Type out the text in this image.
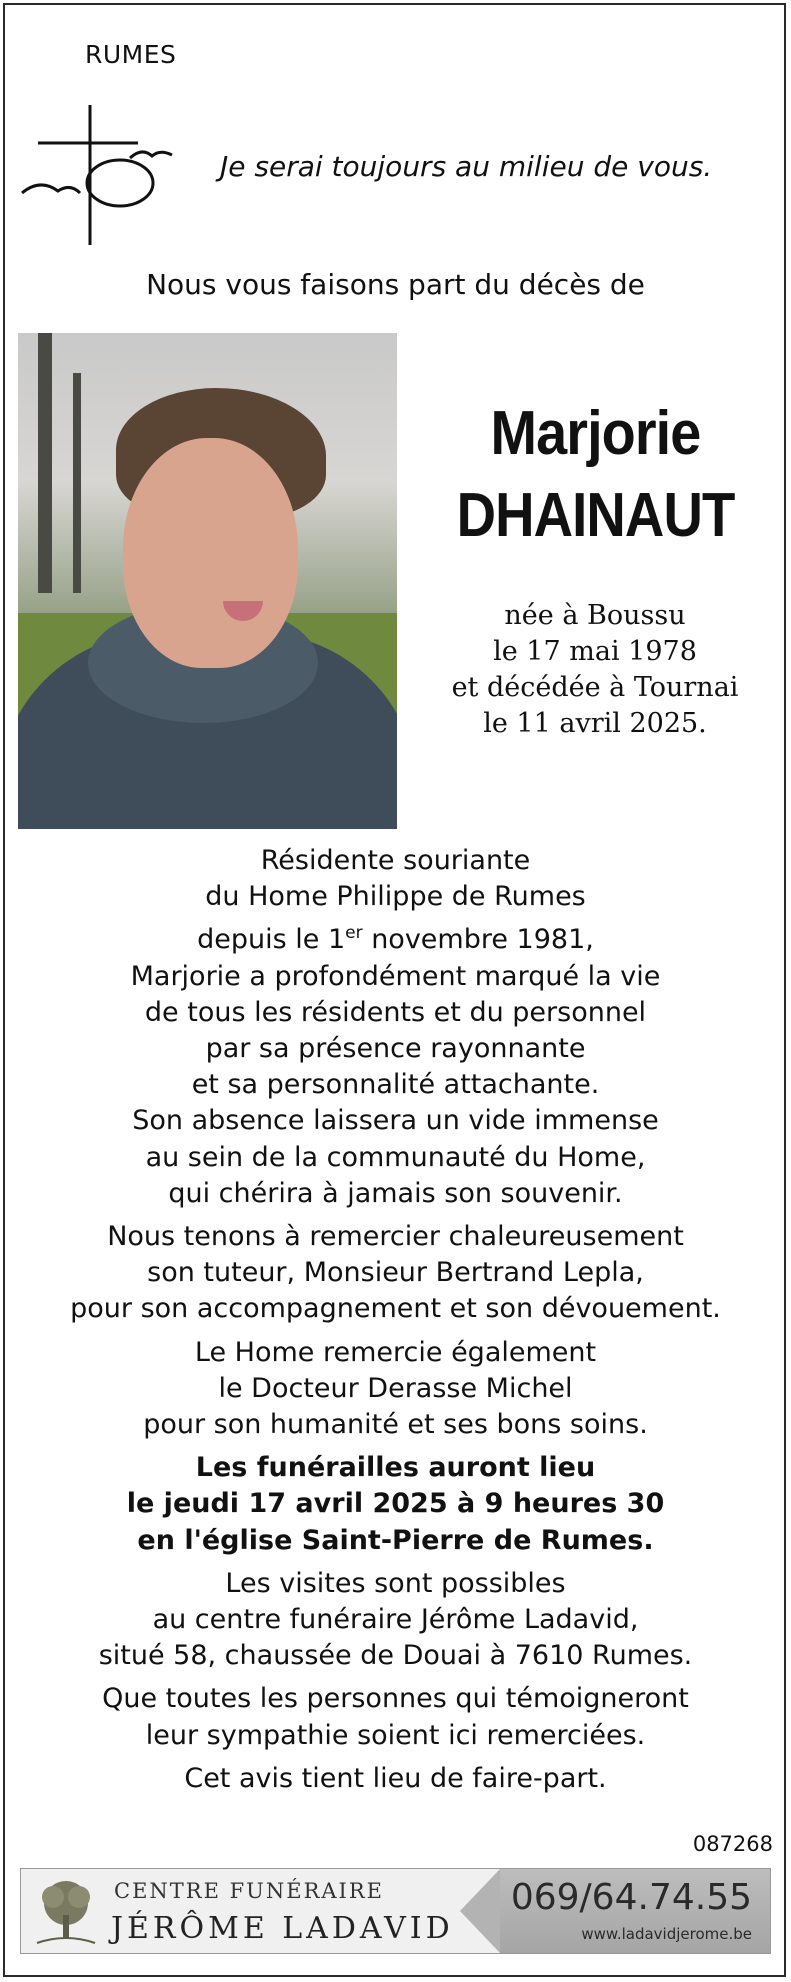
RUMES
Je serai toujours au milieu de vous.
Nous vous faisons part du décès de
Marjorie
DHAINAUT
née à Boussu
le 17 mai 1978
et décédée à Tournai
le 11 avril 2025.

Résidente souriante
du Home Philippe de Rumes
depuis le 1er novembre 1981,
Marjorie a profondément marqué la vie
de tous les résidents et du personnel
par sa présence rayonnante
et sa personnalité attachante.
Son absence laissera un vide immense
au sein de la communauté du Home,
qui chérira à jamais son souvenir.

Nous tenons à remercier chaleureusement
son tuteur, Monsieur Bertrand Lepla,
pour son accompagnement et son dévouement.

Le Home remercie également
le Docteur Derasse Michel
pour son humanité et ses bons soins.

Les funérailles auront lieu
le jeudi 17 avril 2025 à 9 heures 30
en l'église Saint-Pierre de Rumes.

Les visites sont possibles
au centre funéraire Jérôme Ladavid,
situé 58, chaussée de Douai à 7610 Rumes.

Que toutes les personnes qui témoigneront
leur sympathie soient ici remerciées.

Cet avis tient lieu de faire-part.

087268
CENTRE FUNÉRAIRE
JÉRÔME LADAVID
069/64.74.55
www.ladavidjerome.be
